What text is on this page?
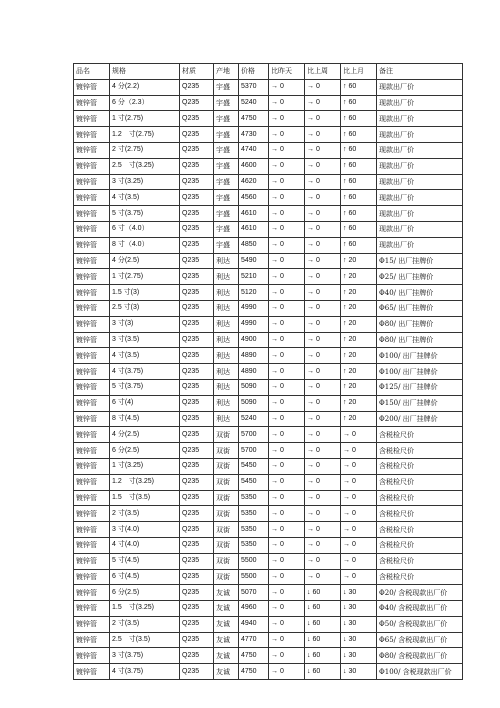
品名	规格	材质	产地	价格	比昨天	比上周	比上月	备注
镀锌管	4 分(2.2)	Q235	宇盛	5370	→ 0	→ 0	↑ 60	现款出厂价
镀锌管	6 分（2.3）	Q235	宇盛	5240	→ 0	→ 0	↑ 60	现款出厂价
镀锌管	1 寸(2.75)	Q235	宇盛	4750	→ 0	→ 0	↑ 60	现款出厂价
镀锌管	1.2　寸(2.75)	Q235	宇盛	4730	→ 0	→ 0	↑ 60	现款出厂价
镀锌管	2 寸(2.75)	Q235	宇盛	4740	→ 0	→ 0	↑ 60	现款出厂价
镀锌管	2.5　寸(3.25)	Q235	宇盛	4600	→ 0	→ 0	↑ 60	现款出厂价
镀锌管	3 寸(3.25)	Q235	宇盛	4620	→ 0	→ 0	↑ 60	现款出厂价
镀锌管	4 寸(3.5)	Q235	宇盛	4560	→ 0	→ 0	↑ 60	现款出厂价
镀锌管	5 寸(3.75)	Q235	宇盛	4610	→ 0	→ 0	↑ 60	现款出厂价
镀锌管	6 寸（4.0）	Q235	宇盛	4610	→ 0	→ 0	↑ 60	现款出厂价
镀锌管	8 寸（4.0）	Q235	宇盛	4850	→ 0	→ 0	↑ 60	现款出厂价
镀锌管	4 分(2.5)	Q235	利达	5490	→ 0	→ 0	↑ 20	Φ15/ 出厂挂牌价
镀锌管	1 寸(2.75)	Q235	利达	5210	→ 0	→ 0	↑ 20	Φ25/ 出厂挂牌价
镀锌管	1.5 寸(3)	Q235	利达	5120	→ 0	→ 0	↑ 20	Φ40/ 出厂挂牌价
镀锌管	2.5 寸(3)	Q235	利达	4990	→ 0	→ 0	↑ 20	Φ65/ 出厂挂牌价
镀锌管	3 寸(3)	Q235	利达	4990	→ 0	→ 0	↑ 20	Φ80/ 出厂挂牌价
镀锌管	3 寸(3.5)	Q235	利达	4900	→ 0	→ 0	↑ 20	Φ80/ 出厂挂牌价
镀锌管	4 寸(3.5)	Q235	利达	4890	→ 0	→ 0	↑ 20	Φ100/ 出厂挂牌价
镀锌管	4 寸(3.75)	Q235	利达	4890	→ 0	→ 0	↑ 20	Φ100/ 出厂挂牌价
镀锌管	5 寸(3.75)	Q235	利达	5090	→ 0	→ 0	↑ 20	Φ125/ 出厂挂牌价
镀锌管	6 寸(4)	Q235	利达	5090	→ 0	→ 0	↑ 20	Φ150/ 出厂挂牌价
镀锌管	8 寸(4.5)	Q235	利达	5240	→ 0	→ 0	↑ 20	Φ200/ 出厂挂牌价
镀锌管	4 分(2.5)	Q235	双街	5700	→ 0	→ 0	→ 0	含税检尺价
镀锌管	6 分(2.5)	Q235	双街	5700	→ 0	→ 0	→ 0	含税检尺价
镀锌管	1 寸(3.25)	Q235	双街	5450	→ 0	→ 0	→ 0	含税检尺价
镀锌管	1.2　寸(3.25)	Q235	双街	5450	→ 0	→ 0	→ 0	含税检尺价
镀锌管	1.5　寸(3.5)	Q235	双街	5350	→ 0	→ 0	→ 0	含税检尺价
镀锌管	2 寸(3.5)	Q235	双街	5350	→ 0	→ 0	→ 0	含税检尺价
镀锌管	3 寸(4.0)	Q235	双街	5350	→ 0	→ 0	→ 0	含税检尺价
镀锌管	4 寸(4.0)	Q235	双街	5350	→ 0	→ 0	→ 0	含税检尺价
镀锌管	5 寸(4.5)	Q235	双街	5500	→ 0	→ 0	→ 0	含税检尺价
镀锌管	6 寸(4.5)	Q235	双街	5500	→ 0	→ 0	→ 0	含税检尺价
镀锌管	6 分(2.5)	Q235	友诚	5070	→ 0	↓ 60	↓ 30	Φ20/ 含税现款出厂价
镀锌管	1.5　寸(3.25)	Q235	友诚	4960	→ 0	↓ 60	↓ 30	Φ40/ 含税现款出厂价
镀锌管	2 寸(3.5)	Q235	友诚	4940	→ 0	↓ 60	↓ 30	Φ50/ 含税现款出厂价
镀锌管	2.5　寸(3.5)	Q235	友诚	4770	→ 0	↓ 60	↓ 30	Φ65/ 含税现款出厂价
镀锌管	3 寸(3.75)	Q235	友诚	4750	→ 0	↓ 60	↓ 30	Φ80/ 含税现款出厂价
镀锌管	4 寸(3.75)	Q235	友诚	4750	→ 0	↓ 60	↓ 30	Φ100/ 含税现款出厂价
